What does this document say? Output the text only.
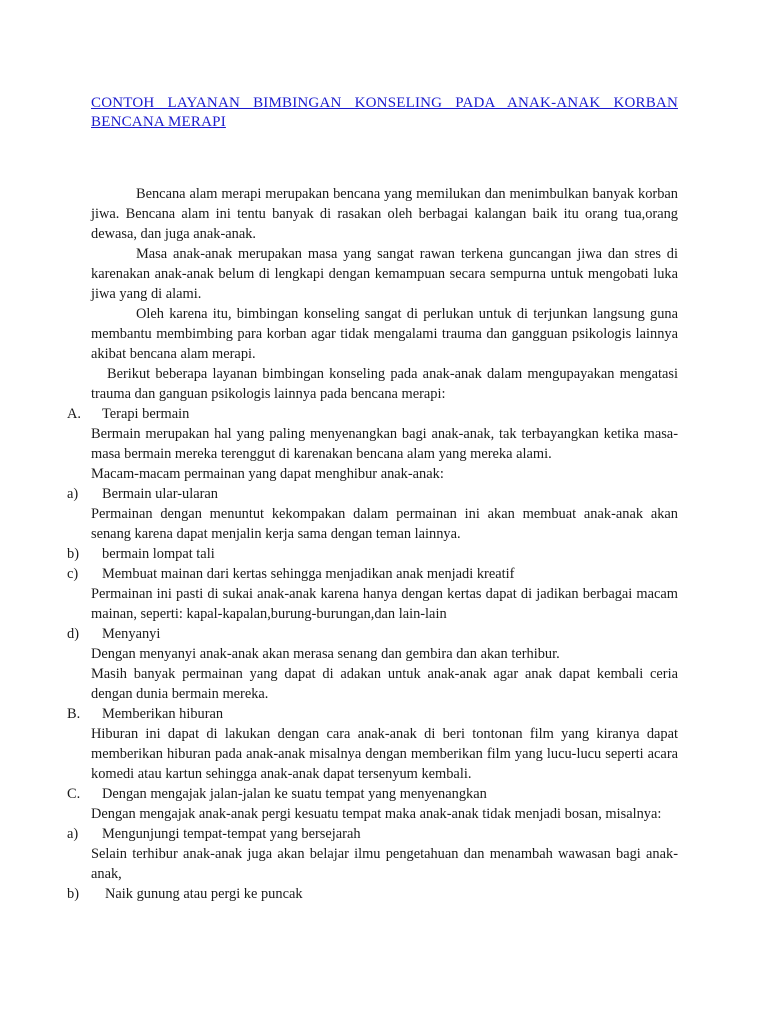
CONTOH LAYANAN BIMBINGAN KONSELING PADA ANAK-ANAK KORBAN BENCANA MERAPI

Bencana alam merapi merupakan bencana yang memilukan dan menimbulkan banyak korban jiwa. Bencana alam ini tentu banyak di rasakan oleh berbagai kalangan baik itu orang tua,orang dewasa, dan juga anak-anak.

Masa anak-anak merupakan masa yang sangat rawan terkena guncangan jiwa dan stres di karenakan anak-anak belum di lengkapi dengan kemampuan secara sempurna untuk mengobati luka jiwa yang di alami.

Oleh karena itu, bimbingan konseling sangat di perlukan untuk di terjunkan langsung guna membantu membimbing para korban agar tidak mengalami trauma dan gangguan psikologis lainnya akibat bencana alam merapi.

Berikut beberapa layanan bimbingan konseling pada anak-anak dalam mengupayakan mengatasi trauma dan ganguan psikologis lainnya pada bencana merapi:

A. Terapi bermain

Bermain merupakan hal yang paling menyenangkan bagi anak-anak, tak terbayangkan ketika masa-masa bermain mereka terenggut di karenakan bencana alam yang mereka alami.

Macam-macam permainan yang dapat menghibur anak-anak:

a) Bermain ular-ularan

Permainan dengan menuntut kekompakan dalam permainan ini akan membuat anak-anak akan senang karena dapat menjalin kerja sama dengan teman lainnya.

b) bermain lompat tali
c) Membuat mainan dari kertas sehingga menjadikan anak menjadi kreatif

Permainan ini pasti di sukai anak-anak karena hanya dengan kertas dapat di jadikan berbagai macam mainan, seperti: kapal-kapalan,burung-burungan,dan lain-lain

d) Menyanyi

Dengan menyanyi anak-anak akan merasa senang dan gembira dan akan terhibur.

Masih banyak permainan yang dapat di adakan untuk anak-anak agar anak dapat kembali ceria dengan dunia bermain mereka.

B. Memberikan hiburan

Hiburan ini dapat di lakukan dengan cara anak-anak di beri tontonan film yang kiranya dapat memberikan hiburan pada anak-anak misalnya dengan memberikan film yang lucu-lucu seperti acara komedi atau kartun sehingga anak-anak dapat tersenyum kembali.

C. Dengan mengajak jalan-jalan ke suatu tempat yang menyenangkan

Dengan mengajak anak-anak pergi kesuatu tempat maka anak-anak tidak menjadi bosan, misalnya:

a) Mengunjungi tempat-tempat yang bersejarah

Selain terhibur anak-anak juga akan belajar ilmu pengetahuan dan menambah wawasan bagi anak-anak,

b) Naik gunung atau pergi ke puncak
